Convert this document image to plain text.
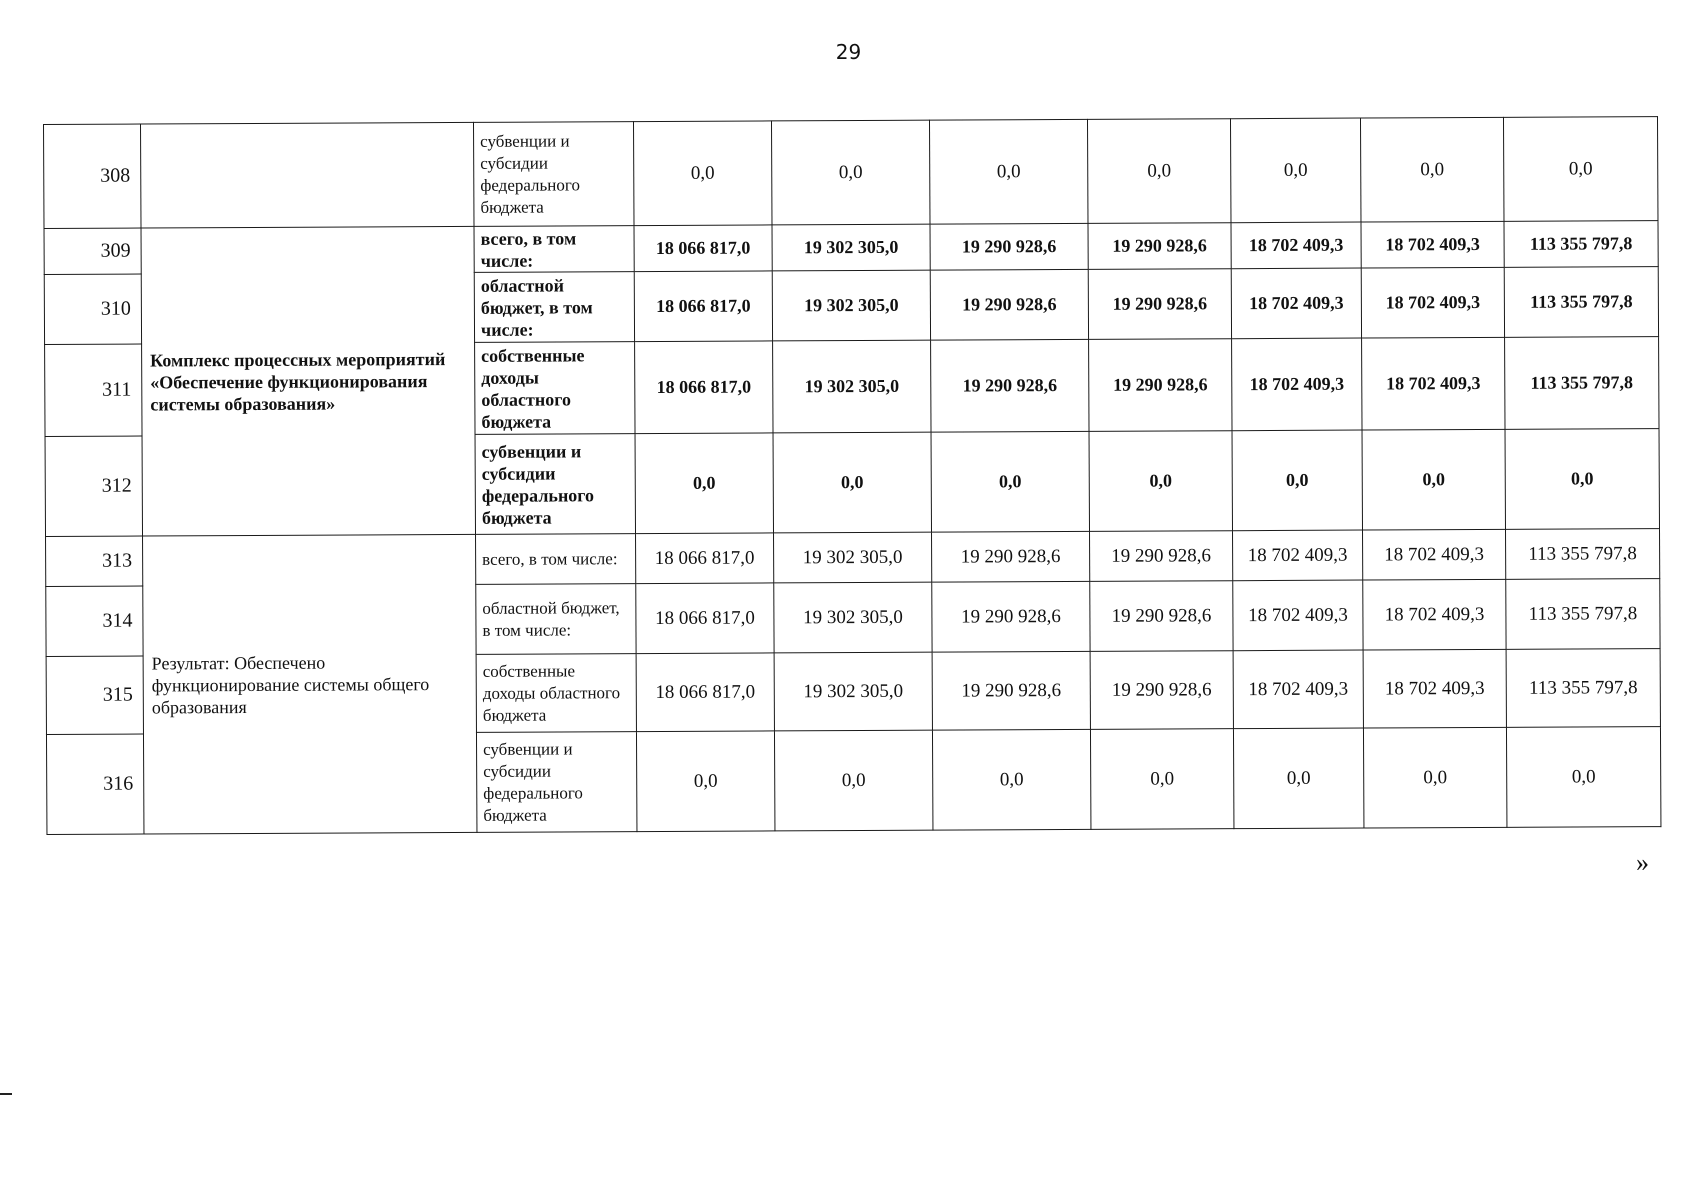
29
308		субвенции и субсидии федерального бюджета	0,0	0,0	0,0	0,0	0,0	0,0	0,0
309	Комплекс процессных мероприятий «Обеспечение функционирования системы образования»	всего, в том числе:	18 066 817,0	19 302 305,0	19 290 928,6	19 290 928,6	18 702 409,3	18 702 409,3	113 355 797,8
310		областной бюджет, в том числе:	18 066 817,0	19 302 305,0	19 290 928,6	19 290 928,6	18 702 409,3	18 702 409,3	113 355 797,8
311		собственные доходы областного бюджета	18 066 817,0	19 302 305,0	19 290 928,6	19 290 928,6	18 702 409,3	18 702 409,3	113 355 797,8
312		субвенции и субсидии федерального бюджета	0,0	0,0	0,0	0,0	0,0	0,0	0,0
313	Результат: Обеспечено функционирование системы общего образования	всего, в том числе:	18 066 817,0	19 302 305,0	19 290 928,6	19 290 928,6	18 702 409,3	18 702 409,3	113 355 797,8
314		областной бюджет, в том числе:	18 066 817,0	19 302 305,0	19 290 928,6	19 290 928,6	18 702 409,3	18 702 409,3	113 355 797,8
315		собственные доходы областного бюджета	18 066 817,0	19 302 305,0	19 290 928,6	19 290 928,6	18 702 409,3	18 702 409,3	113 355 797,8
316		субвенции и субсидии федерального бюджета	0,0	0,0	0,0	0,0	0,0	0,0	0,0
»
